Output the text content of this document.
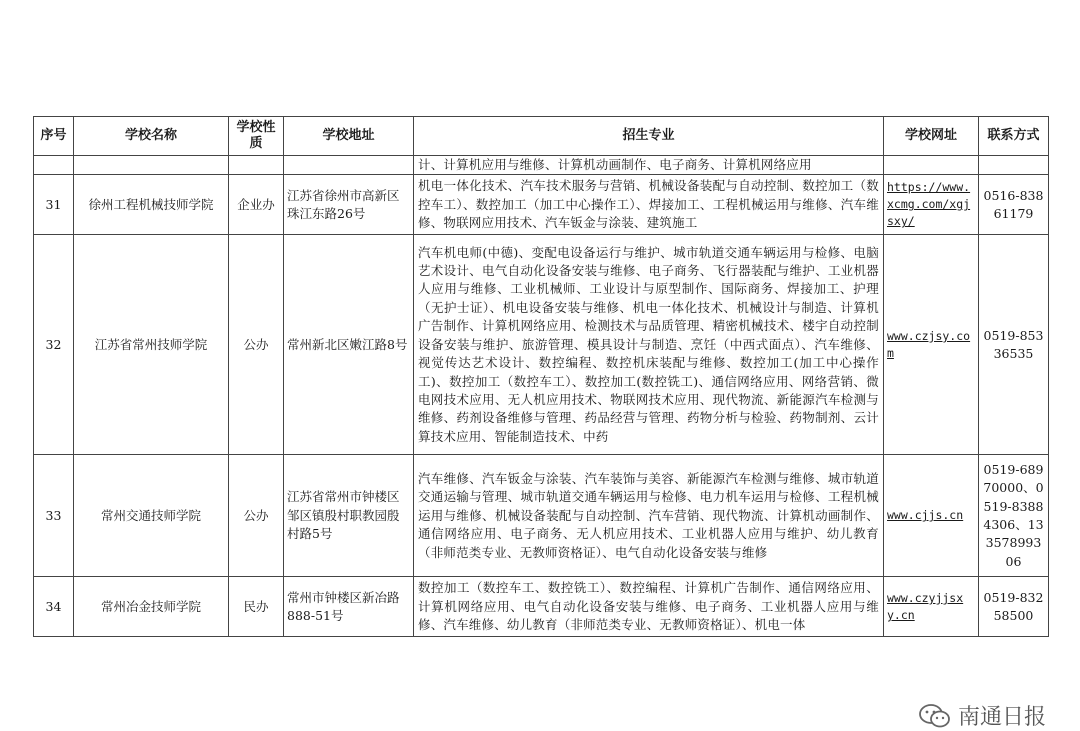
序号	学校名称	学校性质	学校地址	招生专业	学校网址	联系方式
				计、计算机应用与维修、计算机动画制作、电子商务、计算机网络应用		
31	徐州工程机械技师学院	企业办	江苏省徐州市高新区珠江东路26号	机电一体化技术、汽车技术服务与营销、机械设备装配与自动控制、数控加工（数控车工）、数控加工（加工中心操作工）、焊接加工、工程机械运用与维修、汽车维修、物联网应用技术、汽车钣金与涂装、建筑施工	https://www.xcmg.com/xgjsxy/	0516-83861179
32	江苏省常州技师学院	公办	常州新北区嫩江路8号	汽车机电师(中德)、变配电设备运行与维护、城市轨道交通车辆运用与检修、电脑艺术设计、电气自动化设备安装与维修、电子商务、飞行器装配与维护、工业机器人应用与维修、工业机械师、工业设计与原型制作、国际商务、焊接加工、护理（无护士证）、机电设备安装与维修、机电一体化技术、机械设计与制造、计算机广告制作、计算机网络应用、检测技术与品质管理、精密机械技术、楼宇自动控制设备安装与维护、旅游管理、模具设计与制造、烹饪（中西式面点）、汽车维修、视觉传达艺术设计、数控编程、数控机床装配与维修、数控加工(加工中心操作工)、数控加工（数控车工）、数控加工(数控铣工)、通信网络应用、网络营销、微电网技术应用、无人机应用技术、物联网技术应用、现代物流、新能源汽车检测与维修、药剂设备维修与管理、药品经营与管理、药物分析与检验、药物制剂、云计算技术应用、智能制造技术、中药	www.czjsy.com	0519-85336535
33	常州交通技师学院	公办	江苏省常州市钟楼区邹区镇殷村职教园殷村路5号	汽车维修、汽车钣金与涂装、汽车装饰与美容、新能源汽车检测与维修、城市轨道交通运输与管理、城市轨道交通车辆运用与检修、电力机车运用与检修、工程机械运用与维修、机械设备装配与自动控制、汽车营销、现代物流、计算机动画制作、通信网络应用、电子商务、无人机应用技术、工业机器人应用与维护、幼儿教育（非师范类专业、无教师资格证）、电气自动化设备安装与维修	www.cjjs.cn	0519-68970000、0519-83884306、13357899306
34	常州冶金技师学院	民办	常州市钟楼区新冶路888-51号	数控加工（数控车工、数控铣工）、数控编程、计算机广告制作、通信网络应用、计算机网络应用、电气自动化设备安装与维修、电子商务、工业机器人应用与维修、汽车维修、幼儿教育（非师范类专业、无教师资格证）、机电一体	www.czyjjsxy.cn	0519-83258500
南通日报
